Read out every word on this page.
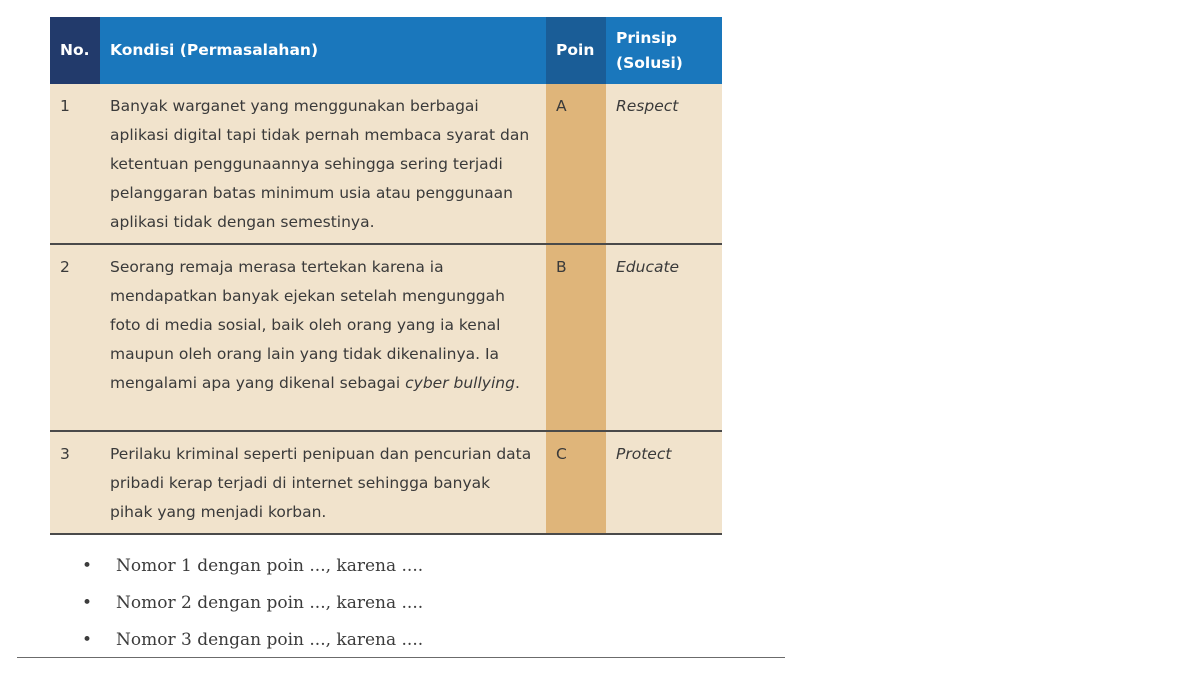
No.	Kondisi (Permasalahan)	Poin	Prinsip (Solusi)
1	Banyak warganet yang menggunakan berbagai aplikasi digital tapi tidak pernah membaca syarat dan ketentuan penggunaannya sehingga sering terjadi pelanggaran batas minimum usia atau penggunaan aplikasi tidak dengan semestinya.	A	Respect
2	Seorang remaja merasa tertekan karena ia mendapatkan banyak ejekan setelah mengunggah foto di media sosial, baik oleh orang yang ia kenal maupun oleh orang lain yang tidak dikenalinya. Ia mengalami apa yang dikenal sebagai cyber bullying.	B	Educate
3	Perilaku kriminal seperti penipuan dan pencurian data pribadi kerap terjadi di internet sehingga banyak pihak yang menjadi korban.	C	Protect
• Nomor 1 dengan poin ..., karena ....
• Nomor 2 dengan poin ..., karena ....
• Nomor 3 dengan poin ..., karena ....
